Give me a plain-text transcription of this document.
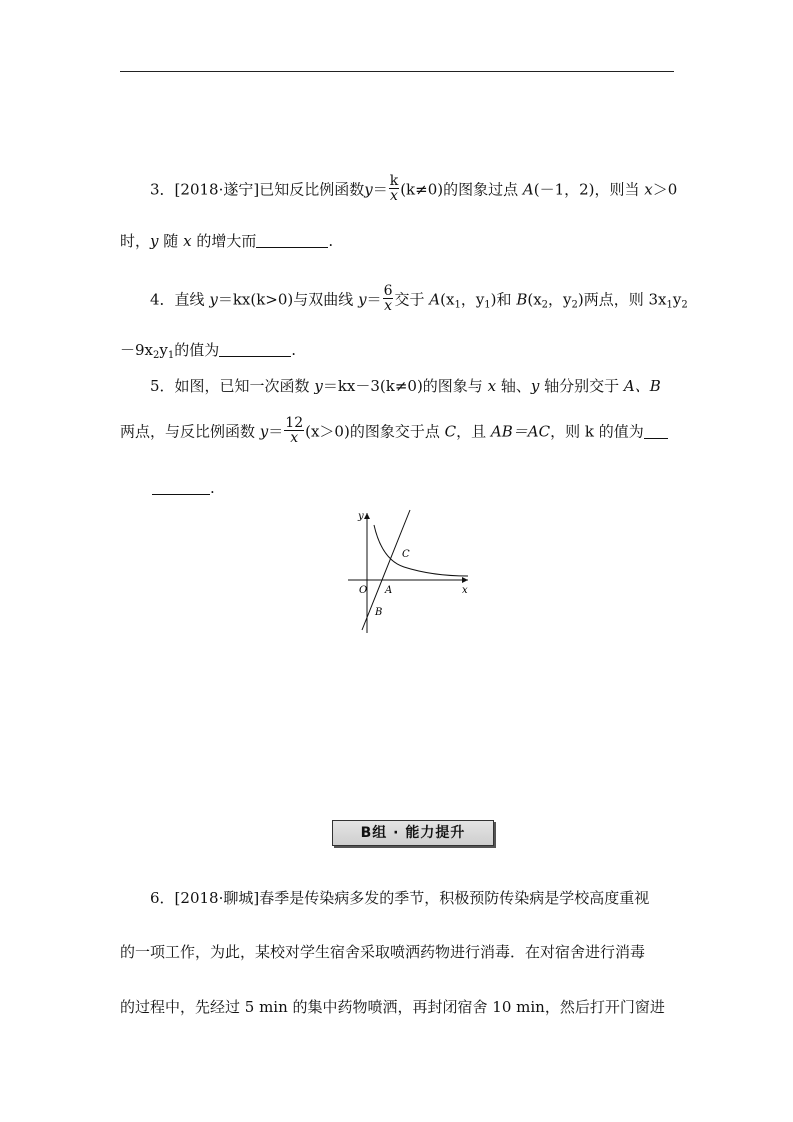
3．[2018·遂宁]已知反比例函数$y= \frac{k}{x} (k\ne 0)$的图象过点 A(－1，2)，则当 x＞0
时，y 随 x 的增大而	.
4．直线 y＝kx(k>0)与双曲线 $y= \frac{6}{x}$ 交于 $A(x_1$，$y_1$)和 $B(x_2$，$y_2$)两点，则 $3x_1y_2$
$-9x_2y_1$的值为	.
5．如图，已知一次函数 y＝kx－3(k≠0)的图象与 x 轴、y 轴分别交于 A、B
两点，与反比例函数 $y= \frac{12}{x} (x>0)$的图象交于点 C，且 AB＝AC，则 k 的值为
.
y
x
O A
B
C
B组 · 能力提升
6．[2018·聊城]春季是传染病多发的季节，积极预防传染病是学校高度重视
的一项工作，为此，某校对学生宿舍采取喷洒药物进行消毒．在对宿舍进行消毒
的过程中，先经过 5 min 的集中药物喷洒，再封闭宿舍 10 min，然后打开门窗进
